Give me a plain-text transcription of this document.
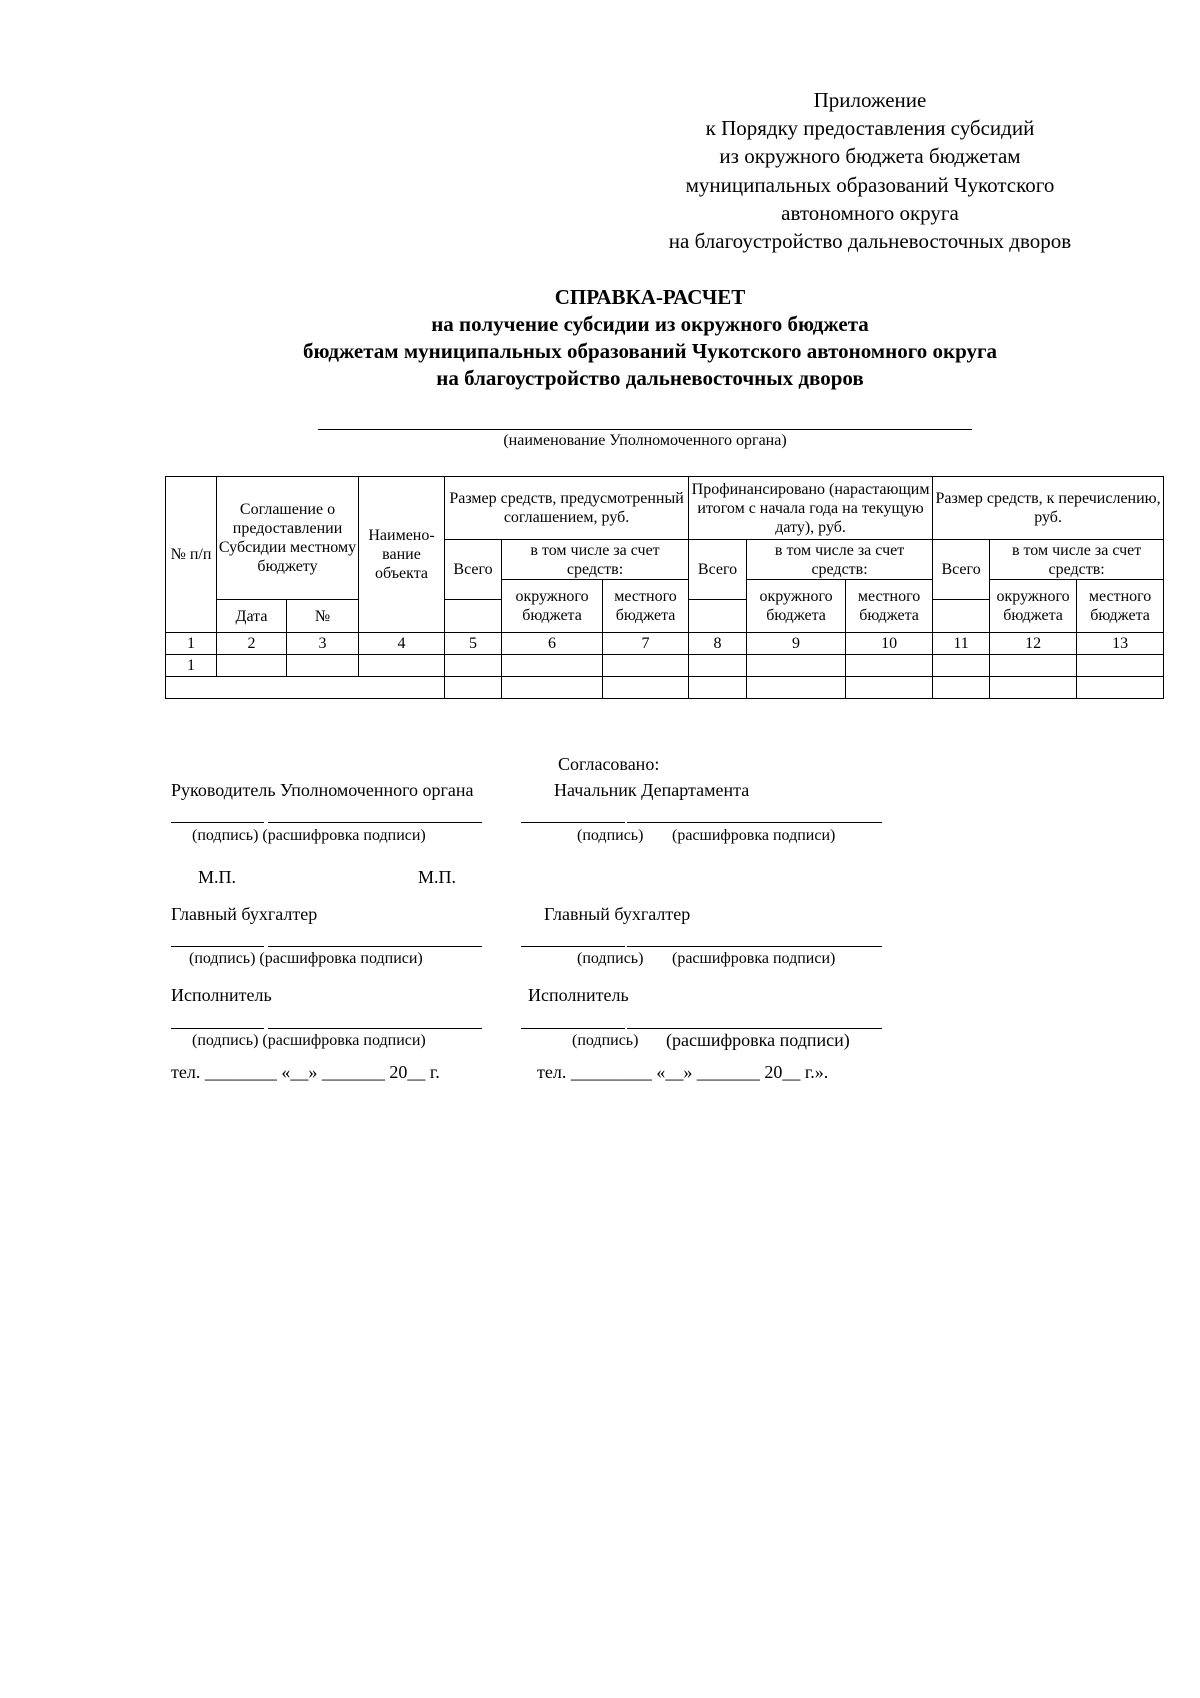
Приложение
к Порядку предоставления субсидий
из окружного бюджета бюджетам
муниципальных образований Чукотского
автономного округа
на благоустройство дальневосточных дворов
СПРАВКА-РАСЧЕТ
на получение субсидии из окружного бюджета
бюджетам муниципальных образований Чукотского автономного округа
на благоустройство дальневосточных дворов
(наименование Уполномоченного органа)
№ п/п	Соглашение о предоставлении Субсидии местному бюджету		Наимено- вание объекта	Размер средств, предусмотренный соглашением, руб.			Профинансировано (нарастающим итогом с начала года на текущую дату), руб.			Размер средств, к перечислению, руб.		
				Всего	в том числе за счет средств:		Всего	в том числе за счет средств:		Всего	в том числе за счет средств:	
					окружного бюджета	местного бюджета		окружного бюджета	местного бюджета		окружного бюджета	местного бюджета
	Дата	№									
1	2	3	4	5	6	7	8	9	10	11	12	13
1												

Согласовано:
Руководитель Уполномоченного органа	Начальник Департамента
(подпись) (расшифровка подписи)	(подпись) (расшифровка подписи)
М.П.	М.П.
Главный бухгалтер	Главный бухгалтер
(подпись) (расшифровка подписи)	(подпись) (расшифровка подписи)
Исполнитель	Исполнитель
(подпись) (расшифровка подписи)	(подпись) (расшифровка подписи)
тел. ________ «__» _______ 20__ г.	тел. _________ «__» _______ 20__ г.».
